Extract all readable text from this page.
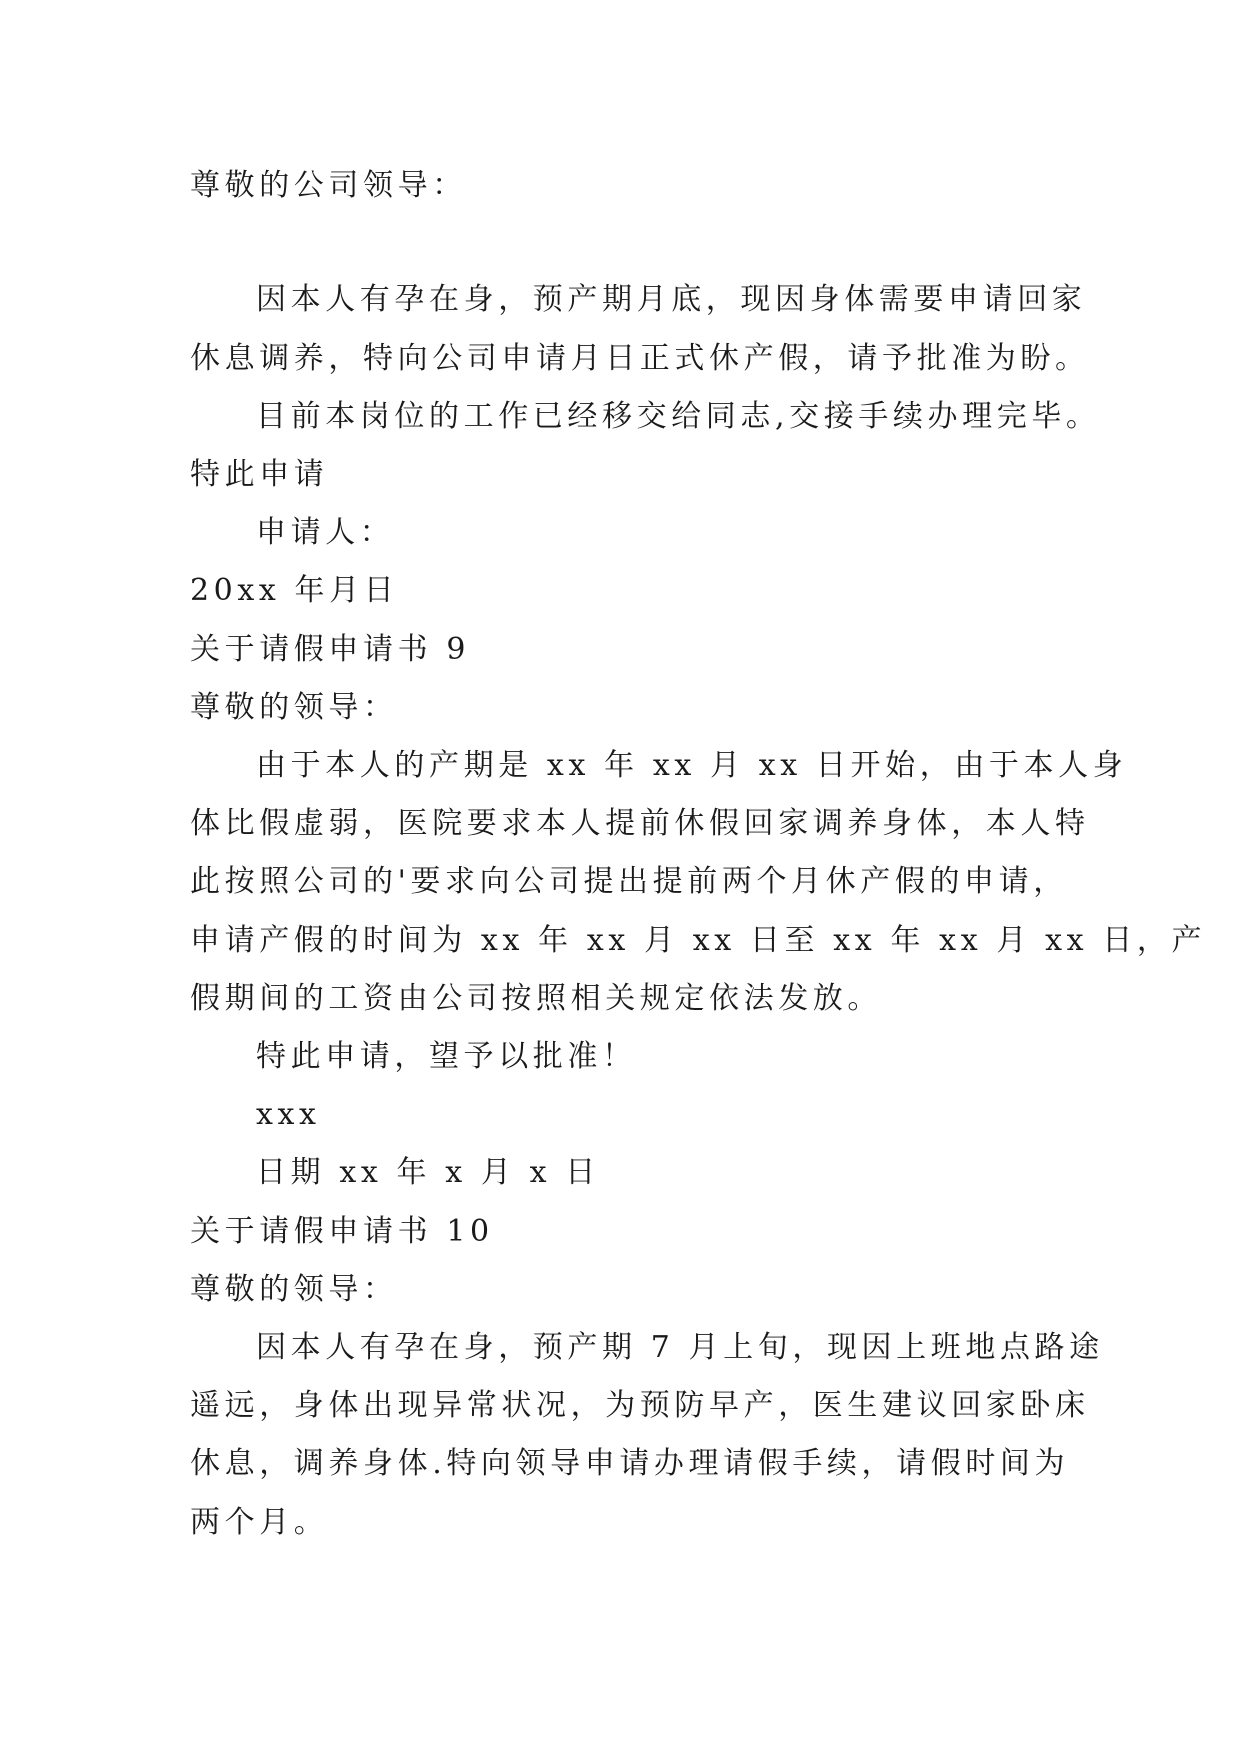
尊敬的公司领导：
因本人有孕在身，预产期月底，现因身体需要申请回家
休息调养，特向公司申请月日正式休产假，请予批准为盼。
目前本岗位的工作已经移交给同志,交接手续办理完毕。
特此申请
申请人：
20xx 年月日
关于请假申请书 9
尊敬的领导：
由于本人的产期是 xx 年 xx 月 xx 日开始，由于本人身
体比假虚弱，医院要求本人提前休假回家调养身体，本人特
此按照公司的'要求向公司提出提前两个月休产假的申请，
申请产假的时间为 xx 年 xx 月 xx 日至 xx 年 xx 月 xx 日，产
假期间的工资由公司按照相关规定依法发放。
特此申请，望予以批准！
xxx
日期 xx 年 x 月 x 日
关于请假申请书 10
尊敬的领导：
因本人有孕在身，预产期 7 月上旬，现因上班地点路途
遥远，身体出现异常状况，为预防早产，医生建议回家卧床
休息，调养身体.特向领导申请办理请假手续，请假时间为
两个月。
